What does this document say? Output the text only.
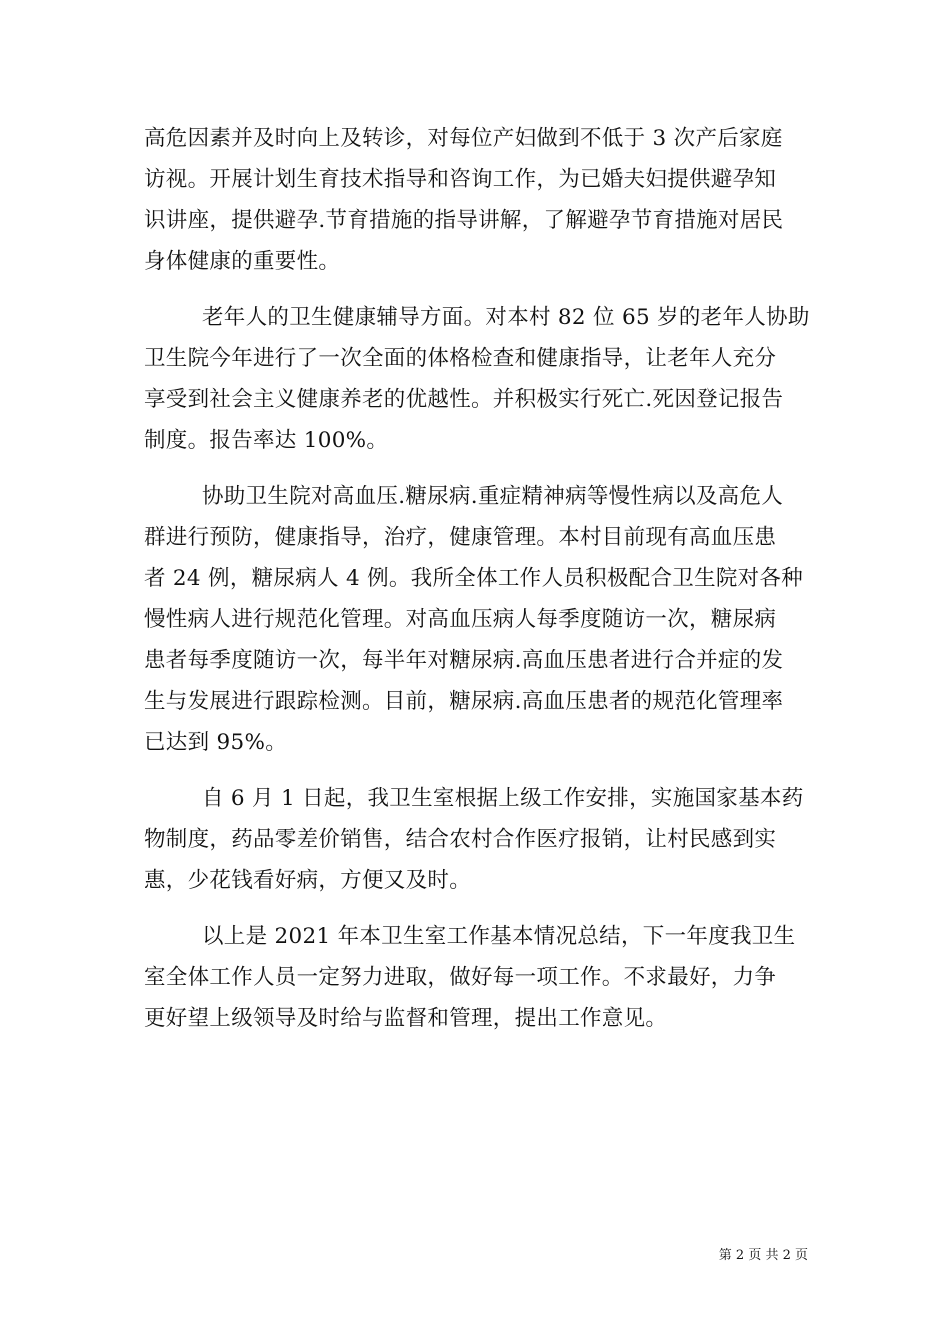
高危因素并及时向上及转诊，对每位产妇做到不低于 3 次产后家庭
访视。开展计划生育技术指导和咨询工作，为已婚夫妇提供避孕知
识讲座，提供避孕.节育措施的指导讲解，了解避孕节育措施对居民
身体健康的重要性。
老年人的卫生健康辅导方面。对本村 82 位 65 岁的老年人协助
卫生院今年进行了一次全面的体格检查和健康指导，让老年人充分
享受到社会主义健康养老的优越性。并积极实行死亡.死因登记报告
制度。报告率达 100%。
协助卫生院对高血压.糖尿病.重症精神病等慢性病以及高危人
群进行预防，健康指导，治疗，健康管理。本村目前现有高血压患
者 24 例，糖尿病人 4 例。我所全体工作人员积极配合卫生院对各种
慢性病人进行规范化管理。对高血压病人每季度随访一次，糖尿病
患者每季度随访一次，每半年对糖尿病.高血压患者进行合并症的发
生与发展进行跟踪检测。目前，糖尿病.高血压患者的规范化管理率
已达到 95%。
自 6 月 1 日起，我卫生室根据上级工作安排，实施国家基本药
物制度，药品零差价销售，结合农村合作医疗报销，让村民感到实
惠，少花钱看好病，方便又及时。
以上是 2021 年本卫生室工作基本情况总结，下一年度我卫生
室全体工作人员一定努力进取，做好每一项工作。不求最好，力争
更好望上级领导及时给与监督和管理，提出工作意见。
第 2 页 共 2 页
